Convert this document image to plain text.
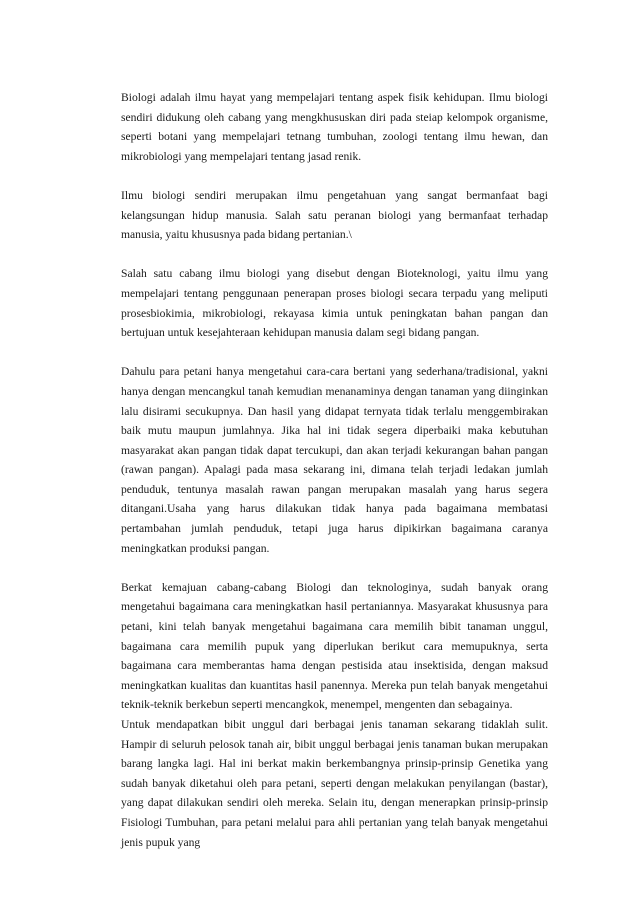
Biologi adalah ilmu hayat yang mempelajari tentang aspek fisik kehidupan. Ilmu biologi sendiri didukung oleh cabang yang mengkhususkan diri pada steiap kelompok organisme, seperti botani yang mempelajari tetnang tumbuhan, zoologi tentang ilmu hewan, dan mikrobiologi yang mempelajari tentang jasad renik.

Ilmu biologi sendiri merupakan ilmu pengetahuan yang sangat bermanfaat bagi kelangsungan hidup manusia. Salah satu peranan biologi yang bermanfaat terhadap manusia, yaitu khususnya pada bidang pertanian.\

Salah satu cabang ilmu biologi yang disebut dengan Bioteknologi, yaitu ilmu yang mempelajari tentang penggunaan penerapan proses biologi secara terpadu yang meliputi prosesbiokimia, mikrobiologi, rekayasa kimia untuk peningkatan bahan pangan dan bertujuan untuk kesejahteraan kehidupan manusia dalam segi bidang pangan.

Dahulu para petani hanya mengetahui cara-cara bertani yang sederhana/tradisional, yakni hanya dengan mencangkul tanah kemudian menanaminya dengan tanaman yang diinginkan lalu disirami secukupnya. Dan hasil yang didapat ternyata tidak terlalu menggembirakan baik mutu maupun jumlahnya. Jika hal ini tidak segera diperbaiki maka kebutuhan masyarakat akan pangan tidak dapat tercukupi, dan akan terjadi kekurangan bahan pangan (rawan pangan). Apalagi pada masa sekarang ini, dimana telah terjadi ledakan jumlah penduduk, tentunya masalah rawan pangan merupakan masalah yang harus segera ditangani.Usaha yang harus dilakukan tidak hanya pada bagaimana membatasi pertambahan jumlah penduduk, tetapi juga harus dipikirkan bagaimana caranya meningkatkan produksi pangan.

Berkat kemajuan cabang-cabang Biologi dan teknologinya, sudah banyak orang mengetahui bagaimana cara meningkatkan hasil pertaniannya. Masyarakat khususnya para petani, kini telah banyak mengetahui bagaimana cara memilih bibit tanaman unggul, bagaimana cara memilih pupuk yang diperlukan berikut cara memupuknya, serta bagaimana cara memberantas hama dengan pestisida atau insektisida, dengan maksud meningkatkan kualitas dan kuantitas hasil panennya. Mereka pun telah banyak mengetahui teknik-teknik berkebun seperti mencangkok, menempel, mengenten dan sebagainya.

Untuk mendapatkan bibit unggul dari berbagai jenis tanaman sekarang tidaklah sulit. Hampir di seluruh pelosok tanah air, bibit unggul berbagai jenis tanaman bukan merupakan barang langka lagi. Hal ini berkat makin berkembangnya prinsip-prinsip Genetika yang sudah banyak diketahui oleh para petani, seperti dengan melakukan penyilangan (bastar), yang dapat dilakukan sendiri oleh mereka. Selain itu, dengan menerapkan prinsip-prinsip Fisiologi Tumbuhan, para petani melalui para ahli pertanian yang telah banyak mengetahui jenis pupuk yang
